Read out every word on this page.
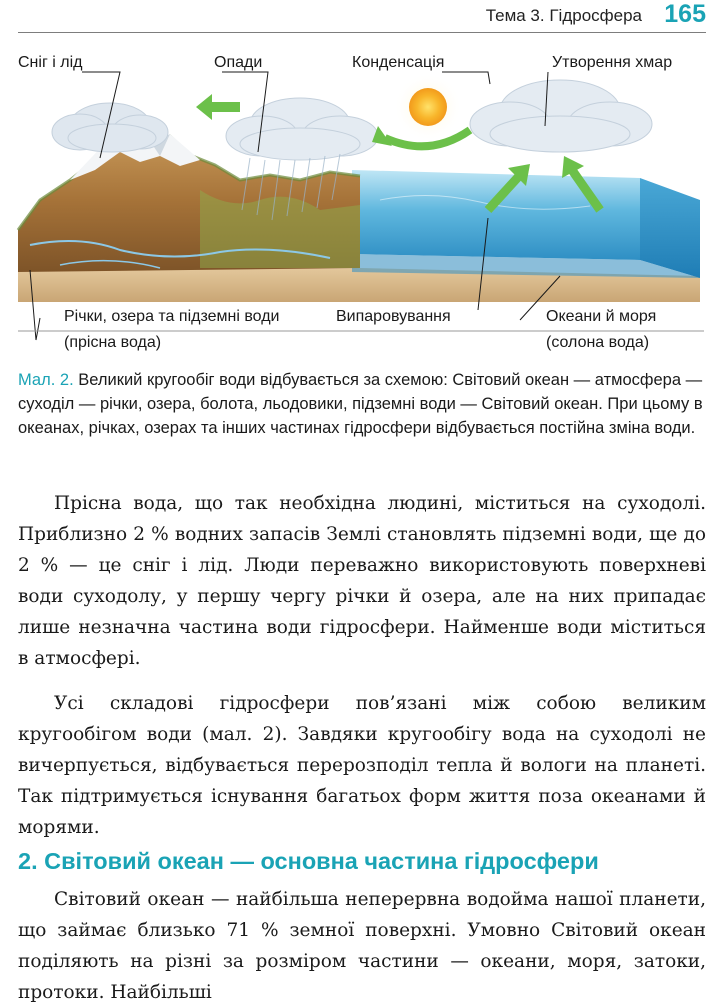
Тема 3. Гідросфера 165
Сніг і лід	Опади	Конденсація	Утворення хмар
Річки, озера та підземні води
(прісна вода)
Випаровування	Океани й моря
(солона вода)
Мал. 2. Великий кругообіг води відбувається за схемою: Світовий океан — атмосфера — суходіл — річки, озера, болота, льодовики, підземні води — Світовий океан. При цьому в океанах, річках, озерах та інших частинах гідросфери відбувається постійна зміна води.

Прісна вода, що так необхідна людині, міститься на суходолі. Приблизно 2 % водних запасів Землі становлять підземні води, ще до 2 % — це сніг і лід. Люди переважно використовують поверхневі води суходолу, у першу чергу річки й озера, але на них припадає лише незначна частина води гідросфери. Найменше води міститься в атмосфері.

Усі складові гідросфери пов’язані між собою великим кругообігом води (мал. 2). Завдяки кругообігу вода на суходолі не вичерпується, відбувається перерозподіл тепла й вологи на планеті. Так підтримується існування багатьох форм життя поза океанами й морями.

2. Світовий океан — основна частина гідросфери

Світовий океан — найбільша неперервна водойма нашої планети, що займає близько 71 % земної поверхні. Умовно Світовий океан поділяють на різні за розміром частини — океани, моря, затоки, протоки. Найбільші
